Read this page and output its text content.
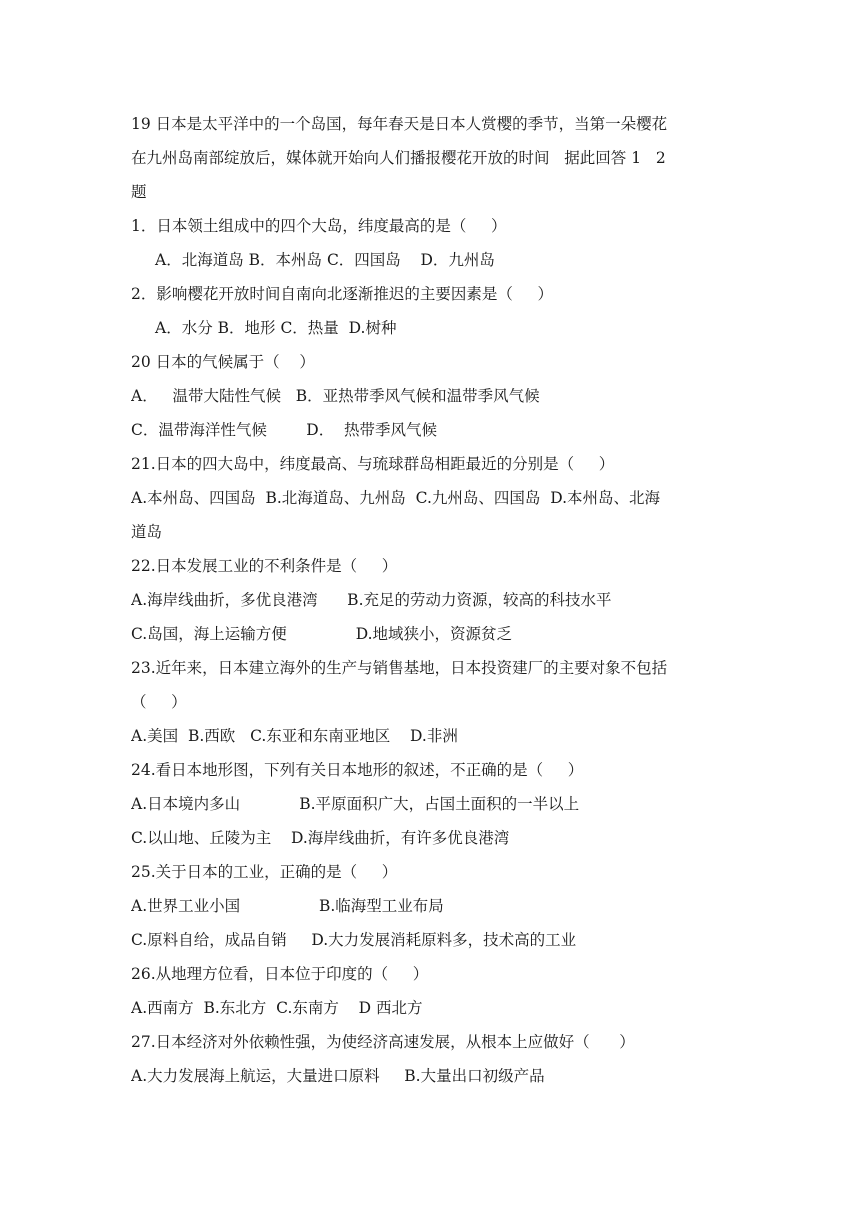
19 日本是太平洋中的一个岛国，每年春天是日本人赏樱的季节，当第一朵樱花
在九州岛南部绽放后，媒体就开始向人们播报樱花开放的时间   据此回答 1   2
题
1．日本领土组成中的四个大岛，纬度最高的是（     ）
A．北海道岛 B．本州岛 C．四国岛    D．九州岛
2．影响樱花开放时间自南向北逐渐推迟的主要因素是（     ）
A．水分 B．地形 C．热量  D.树种
20 日本的气候属于（    ）
A．   温带大陆性气候   B．亚热带季风气候和温带季风气候
C．温带海洋性气候        D．  热带季风气候
21.日本的四大岛中，纬度最高、与琉球群岛相距最近的分别是（     ）
A.本州岛、四国岛  B.北海道岛、九州岛  C.九州岛、四国岛  D.本州岛、北海
道岛
22.日本发展工业的不利条件是（     ）
A.海岸线曲折，多优良港湾      B.充足的劳动力资源，较高的科技水平
C.岛国，海上运输方便              D.地域狭小，资源贫乏
23.近年来，日本建立海外的生产与销售基地，日本投资建厂的主要对象不包括
（     ）
A.美国  B.西欧   C.东亚和东南亚地区    D.非洲
24.看日本地形图，下列有关日本地形的叙述，不正确的是（     ）
A.日本境内多山            B.平原面积广大，占国土面积的一半以上
C.以山地、丘陵为主    D.海岸线曲折，有许多优良港湾
25.关于日本的工业，正确的是（     ）
A.世界工业小国                B.临海型工业布局
C.原料自给，成品自销     D.大力发展消耗原料多，技术高的工业
26.从地理方位看，日本位于印度的（     ）
A.西南方  B.东北方  C.东南方    D 西北方
27.日本经济对外依赖性强，为使经济高速发展，从根本上应做好（      ）
A.大力发展海上航运，大量进口原料     B.大量出口初级产品
